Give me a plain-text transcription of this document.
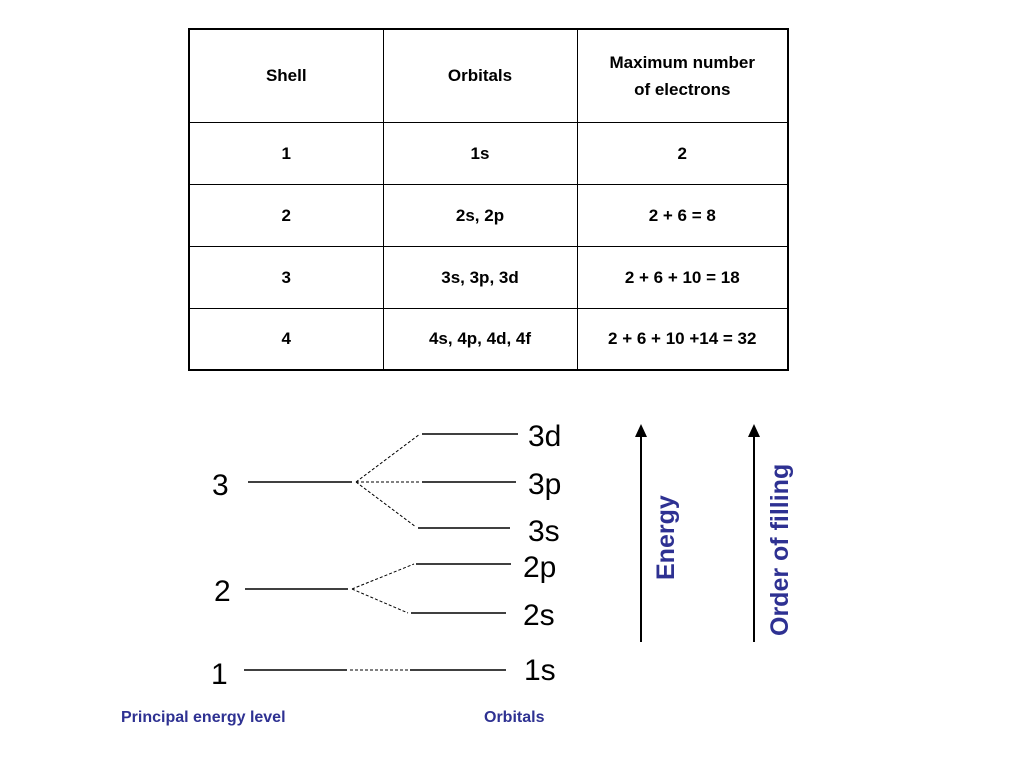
Shell	Orbitals	Maximum number of electrons
1	1s	2
2	2s, 2p	2 + 6 = 8
3	3s, 3p, 3d	2 + 6 + 10 = 18
4	4s, 4p, 4d, 4f	2 + 6 + 10 +14 = 32
3
2
1
3d
3p
3s
2p
2s
1s
Energy	Order of filling
Principal energy level	Orbitals
